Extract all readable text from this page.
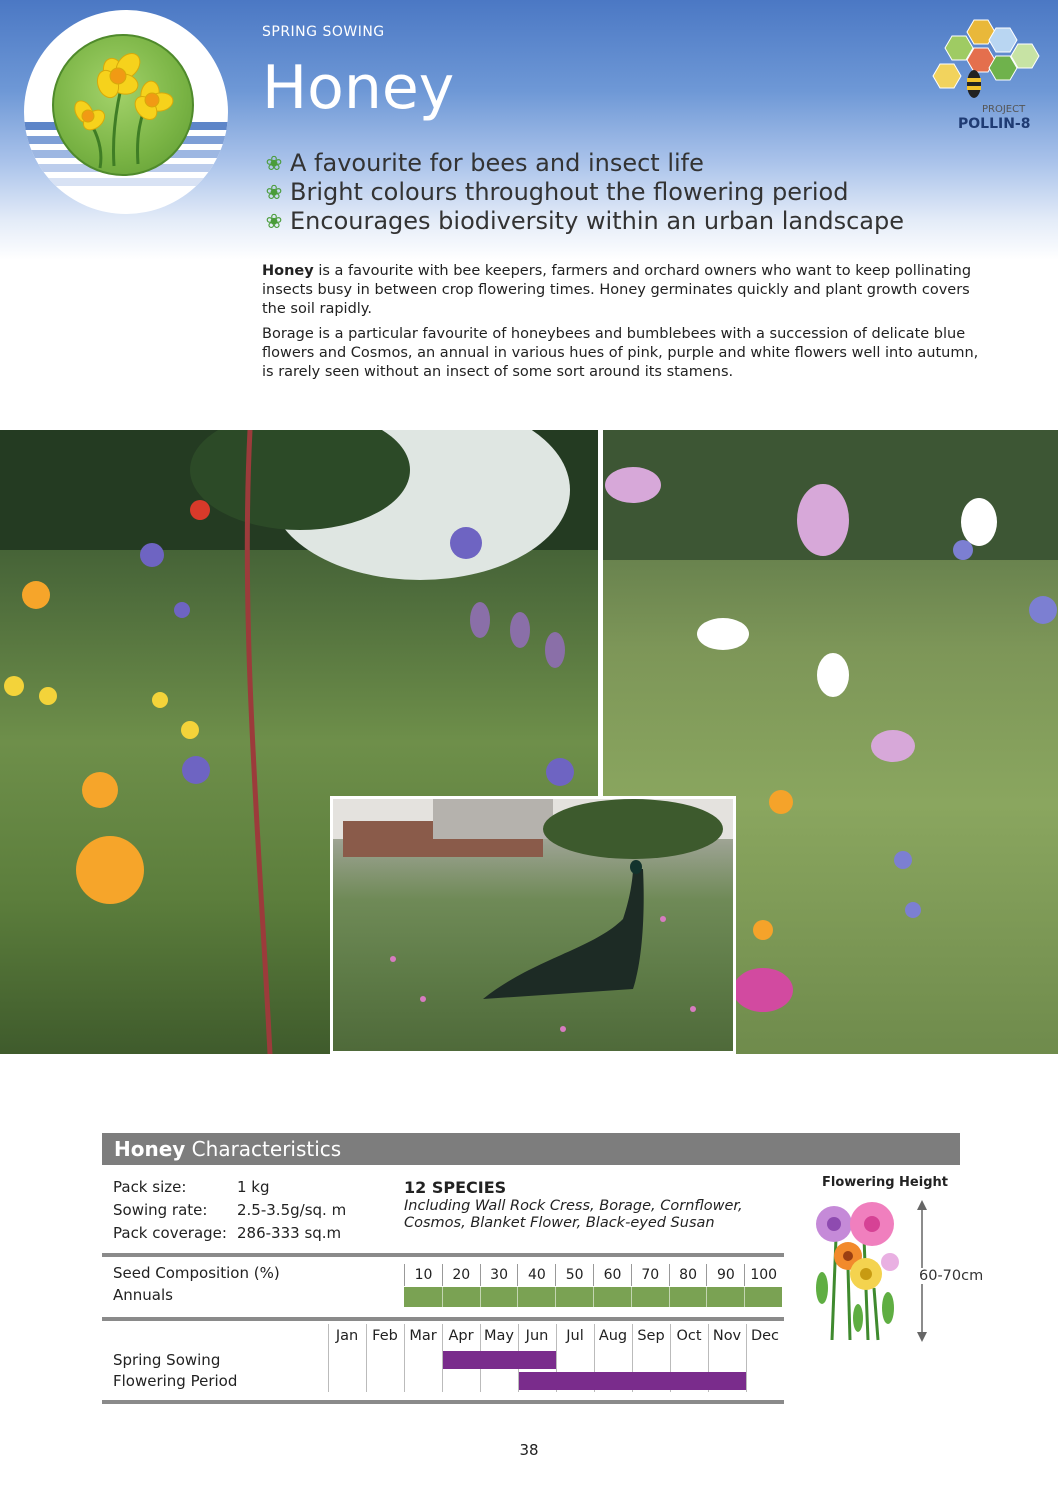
SPRING SOWING
Honey	PROJECT
POLLIN-8
❀ A favourite for bees and insect life
❀ Bright colours throughout the flowering period
❀ Encourages biodiversity within an urban landscape

Honey is a favourite with bee keepers, farmers and orchard owners who want to keep pollinating insects busy in between crop flowering times. Honey germinates quickly and plant growth covers the soil rapidly.

Borage is a particular favourite of honeybees and bumblebees with a succession of delicate blue flowers and Cosmos, an annual in various hues of pink, purple and white flowers well into autumn, is rarely seen without an insect of some sort around its stamens.

Honey Characteristics
Pack size:	1 kg
Sowing rate: 2.5-3.5g/sq. m
Pack coverage: 286-333 sq.m
12 SPECIES
Including Wall Rock Cress, Borage, Cornflower, Cosmos, Blanket Flower, Black-eyed Susan
Seed Composition (%)
Annuals
10	20	30	40	50	60	70	80	90	100
Jan Feb Mar Apr May Jun	Jul	Aug Sep Oct Nov Dec
Spring Sowing
Flowering Period
Flowering Height
60-70cm
38
